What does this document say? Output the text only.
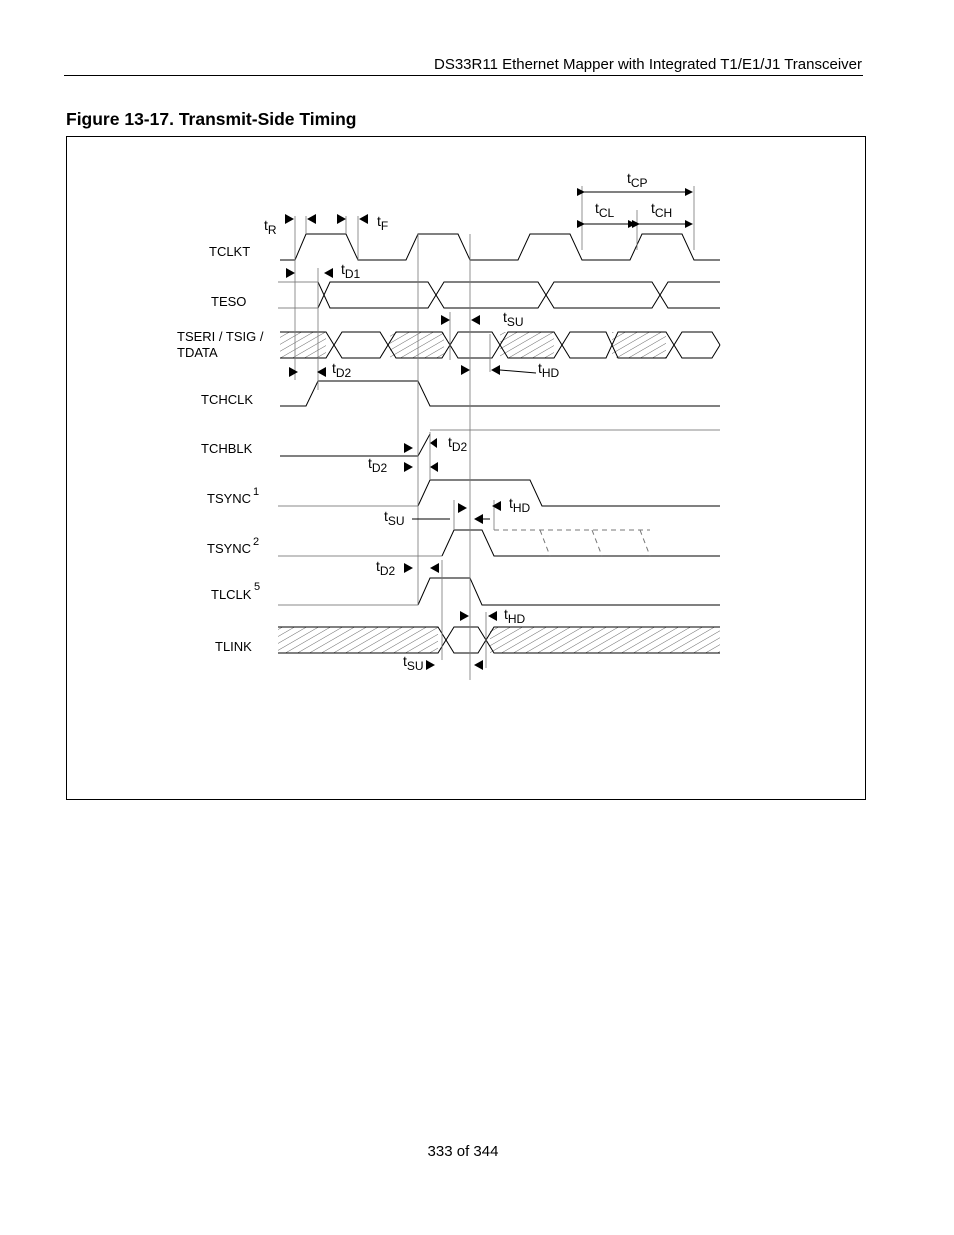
DS33R11 Ethernet Mapper with Integrated T1/E1/J1 Transceiver
Figure 13-17. Transmit-Side Timing
TCLKT
TESO
TSERI / TSIG /
TDATA
TCHCLK
TCHBLK
TSYNC 1
TSYNC 2
TLCLK 5
TLINK
tR
tF
tCP
tCL	tCH
tD1
tSU
tD2	tHD
tD2
tD2
tHD
tSU
tD2
tHD
tSU
333 of 344
